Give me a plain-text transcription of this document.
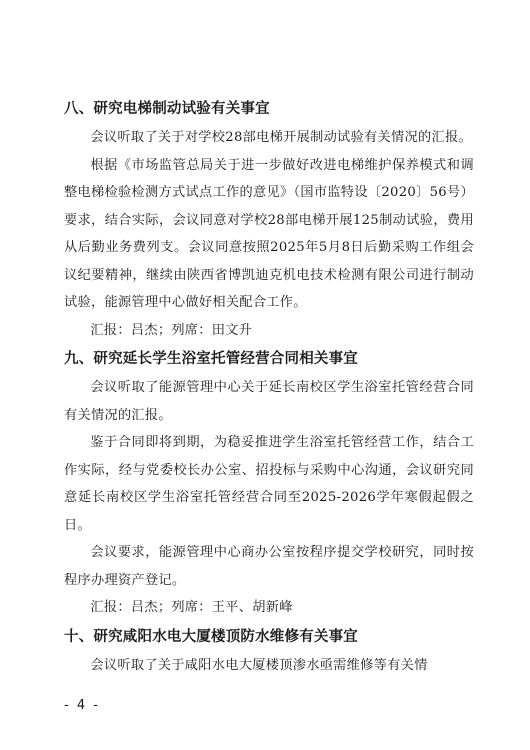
八、研究电梯制动试验有关事宜

会议听取了关于对学校28部电梯开展制动试验有关情况的汇报。

根据《市场监管总局关于进一步做好改进电梯维护保养模式和调整电梯检验检测方式试点工作的意见》（国市监特设〔2020〕56号）要求，结合实际，会议同意对学校28部电梯开展125制动试验，费用从后勤业务费列支。会议同意按照2025年5月8日后勤采购工作组会议纪要精神，继续由陕西省博凯迪克机电技术检测有限公司进行制动试验，能源管理中心做好相关配合工作。

汇报：吕杰；列席：田文升

九、研究延长学生浴室托管经营合同相关事宜

会议听取了能源管理中心关于延长南校区学生浴室托管经营合同有关情况的汇报。

鉴于合同即将到期，为稳妥推进学生浴室托管经营工作，结合工作实际，经与党委校长办公室、招投标与采购中心沟通，会议研究同意延长南校区学生浴室托管经营合同至2025-2026学年寒假起假之日。

会议要求，能源管理中心商办公室按程序提交学校研究，同时按程序办理资产登记。

汇报：吕杰；列席：王平、胡新峰

十、研究咸阳水电大厦楼顶防水维修有关事宜

会议听取了关于咸阳水电大厦楼顶渗水亟需维修等有关情

- 4 -
